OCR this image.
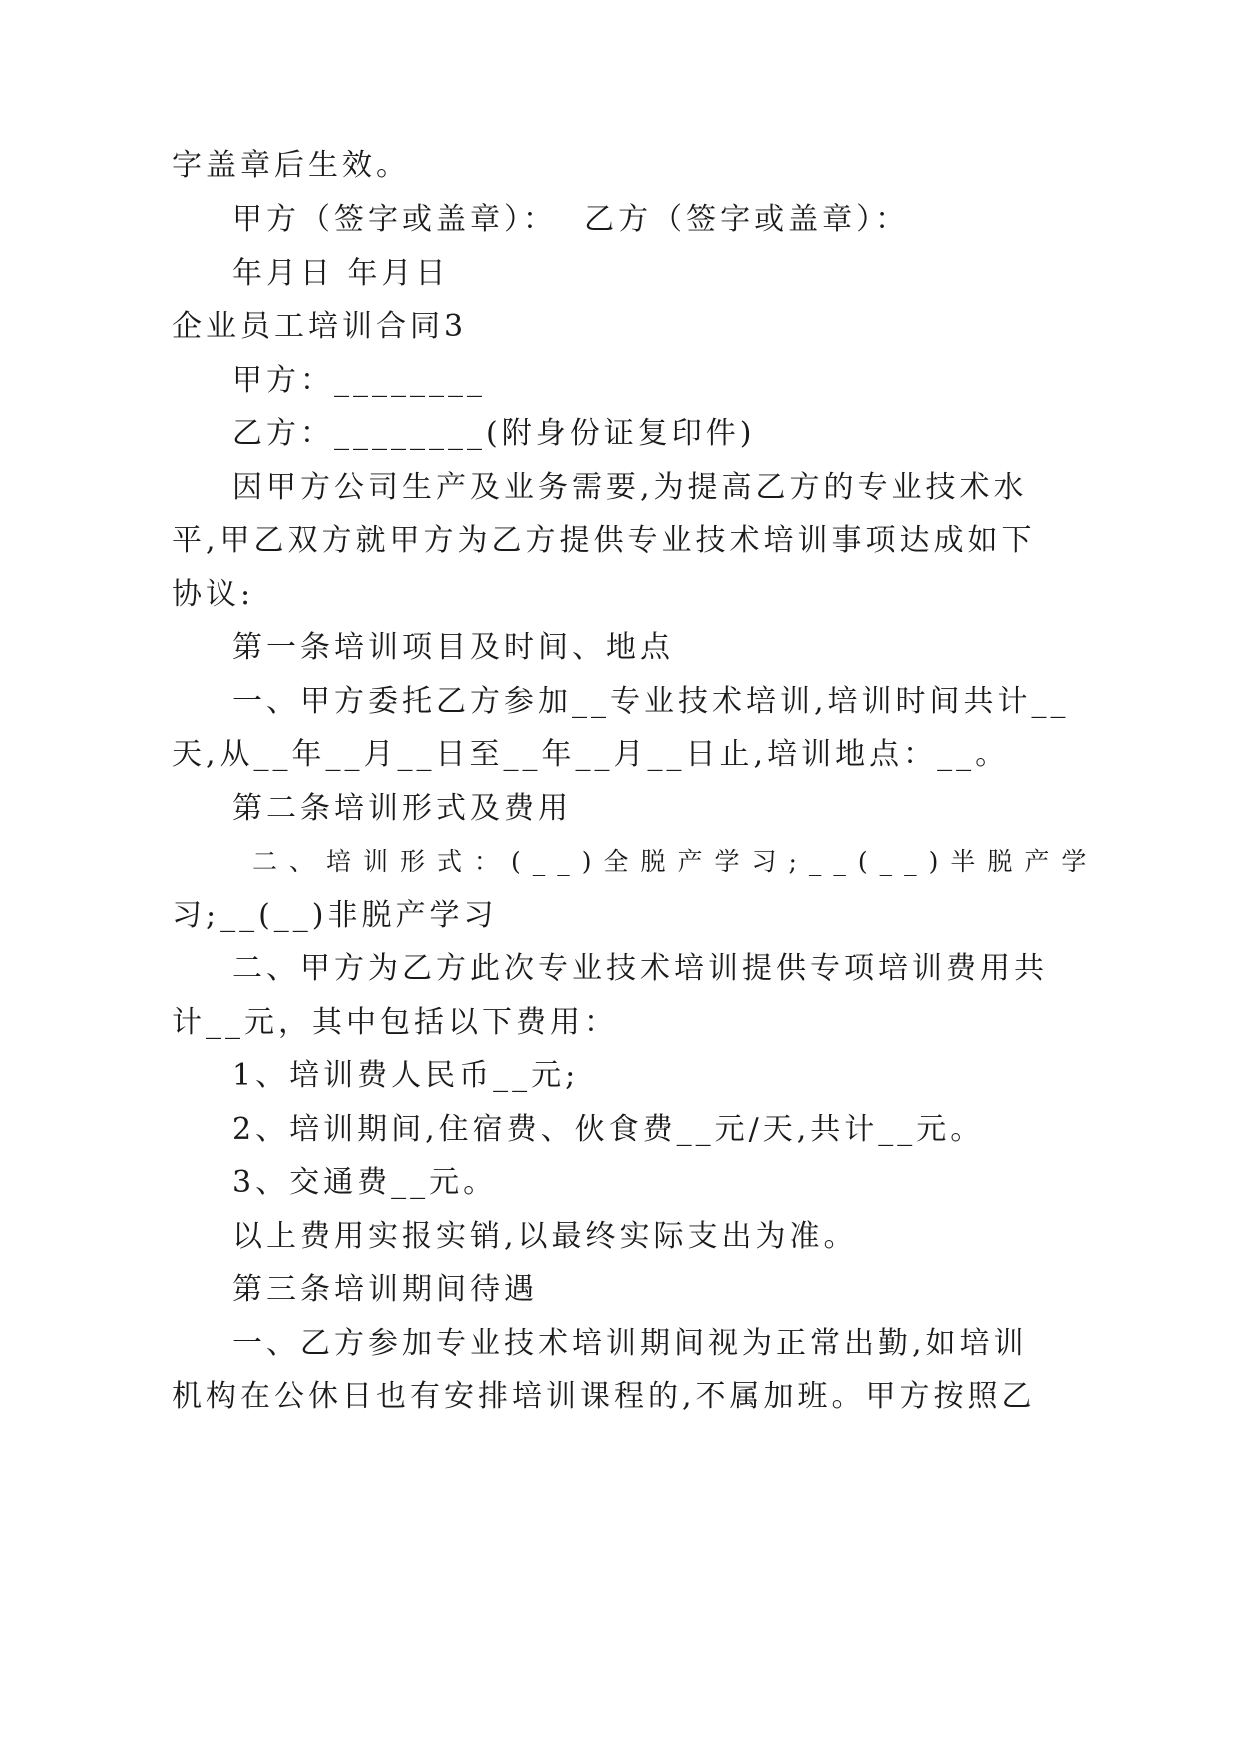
字盖章后生效。

甲方（签字或盖章）：  乙方（签字或盖章）：

年月日 年月日

企业员工培训合同3

甲方：________

乙方：________(附身份证复印件)

因甲方公司生产及业务需要,为提高乙方的专业技术水

平,甲乙双方就甲方为乙方提供专业技术培训事项达成如下

协议:

第一条培训项目及时间、地点

一、甲方委托乙方参加__专业技术培训,培训时间共计__

天,从__年__月__日至__年__月__日止,培训地点：__。

第二条培训形式及费用

二、培训形式：(__)全脱产学习;__(__)半脱产学

习;__(__)非脱产学习

二、甲方为乙方此次专业技术培训提供专项培训费用共

计__元，其中包括以下费用：

1、培训费人民币__元;

2、培训期间,住宿费、伙食费__元/天,共计__元。

3、交通费__元。

以上费用实报实销,以最终实际支出为准。

第三条培训期间待遇

一、乙方参加专业技术培训期间视为正常出勤,如培训

机构在公休日也有安排培训课程的,不属加班。甲方按照乙
